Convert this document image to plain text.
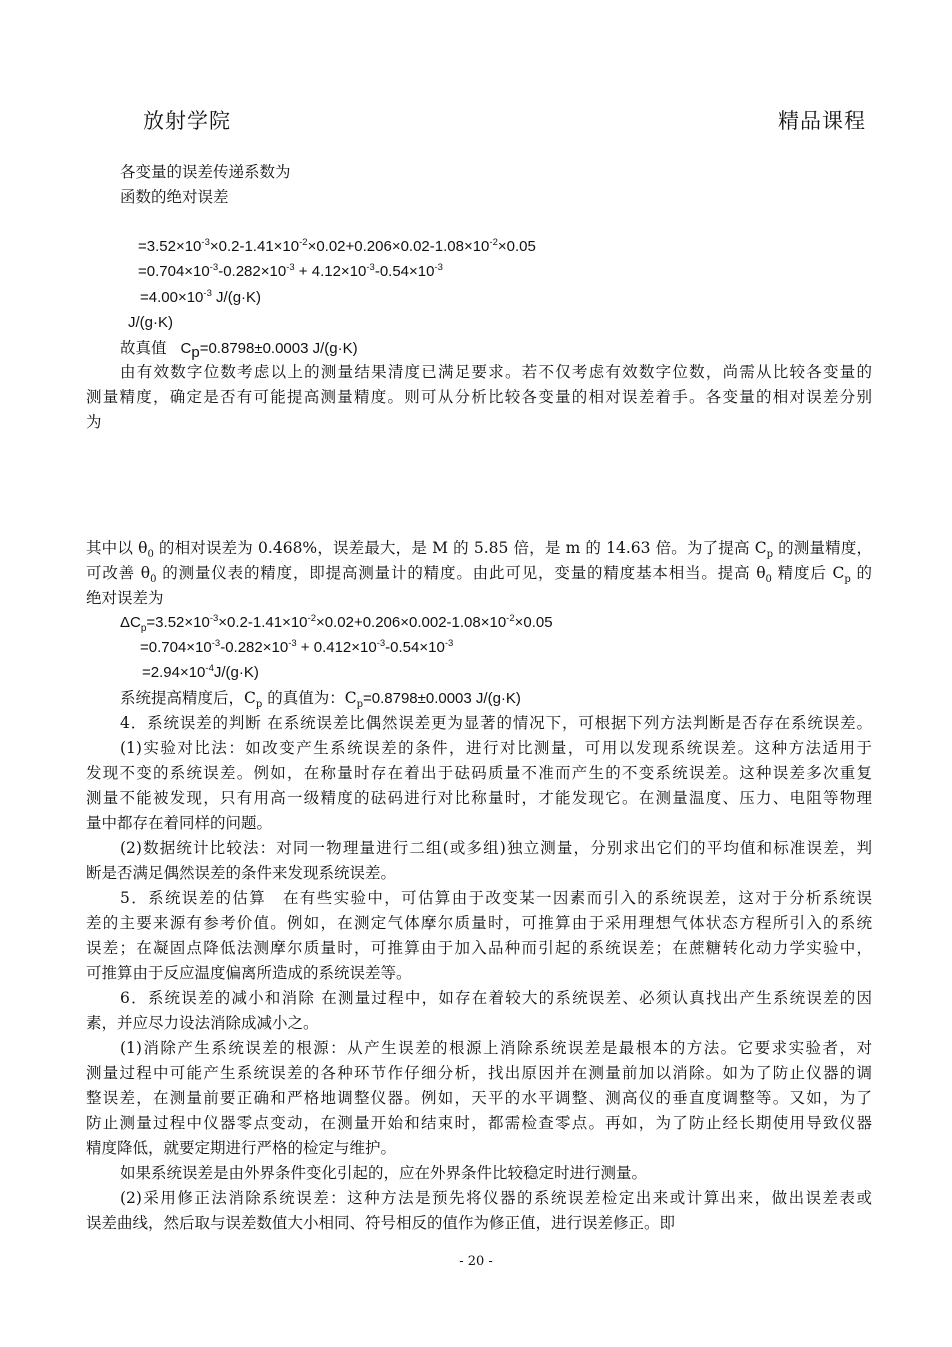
放射学院	精品课程
各变量的误差传递系数为
函数的绝对误差
$=3.52\times 10^{-3}\times 0.2-1.41\times 10^{-2}\times 0.02+0.206\times 0.02-1.08\times 10^{-2}\times 0.05$
$=0.704\times 10^{-3}-0.282\times 10^{-3} + 4.12\times 10^{-3}-0.54\times 10^{-3}$
$=4.00\times 10^{-3}$ J/(g·K)
J/(g·K)
故真值 $C_p=0.8798\pm 0.0003$ J/(g·K)
由有效数字位数考虑以上的测量结果清度已满足要求。若不仅考虑有效数字位数，尚需从比较各变量的
测量精度，确定是否有可能提高测量精度。则可从分析比较各变量的相对误差着手。各变量的相对误差分别
为
其中以 $\theta_0$ 的相对误差为 0.468%，误差最大，是 M 的 5.85 倍，是 m 的 14.63 倍。为了提高 $C_p$ 的测量精度，
可改善 $\theta_0$ 的测量仪表的精度，即提高测量计的精度。由此可见，变量的精度基本相当。提高 $\theta_0$ 精度后 $C_p$ 的
绝对误差为
$\Delta C_p=3.52\times 10^{-3}\times 0.2-1.41\times 10^{-2}\times 0.02+0.206\times 0.002-1.08\times 10^{-2}\times 0.05$
$=0.704\times 10^{-3}-0.282\times 10^{-3} + 0.412\times 10^{-3}-0.54\times 10^{-3}$
$=2.94\times 10^{-4}J/(g\cdot K)$
系统提高精度后，$C_p$ 的真值为：$C_p=0.8798\pm 0.0003$ J/(g·K)
4．系统误差的判断 在系统误差比偶然误差更为显著的情况下，可根据下列方法判断是否存在系统误差。
(1)实验对比法：如改变产生系统误差的条件，进行对比测量，可用以发现系统误差。这种方法适用于
发现不变的系统误差。例如，在称量时存在着出于砝码质量不准而产生的不变系统误差。这种误差多次重复
测量不能被发现，只有用高一级精度的砝码进行对比称量时，才能发现它。在测量温度、压力、电阻等物理
量中都存在着同样的问题。
(2)数据统计比较法：对同一物理量进行二组(或多组)独立测量，分别求出它们的平均值和标准误差，判
断是否满足偶然误差的条件来发现系统误差。
5．系统误差的估算　在有些实验中，可估算由于改变某一因素而引入的系统误差，这对于分析系统误
差的主要来源有参考价值。例如，在测定气体摩尔质量时，可推算由于采用理想气体状态方程所引入的系统
误差；在凝固点降低法测摩尔质量时，可推算由于加入品种而引起的系统误差；在蔗糖转化动力学实验中，
可推算由于反应温度偏离所造成的系统误差等。
6．系统误差的减小和消除 在测量过程中，如存在着较大的系统误差、必须认真找出产生系统误差的因
素，并应尽力设法消除成减小之。
(1)消除产生系统误差的根源：从产生误差的根源上消除系统误差是最根本的方法。它要求实验者，对
测量过程中可能产生系统误差的各种环节作仔细分析，找出原因并在测量前加以消除。如为了防止仪器的调
整误差，在测量前要正确和严格地调整仪器。例如，天平的水平调整、测高仪的垂直度调整等。又如，为了
防止测量过程中仪器零点变动，在测量开始和结束时，都需检查零点。再如，为了防止经长期使用导致仪器
精度降低，就要定期进行严格的检定与维护。
如果系统误差是由外界条件变化引起的，应在外界条件比较稳定时进行测量。
(2)采用修正法消除系统误差：这种方法是预先将仪器的系统误差检定出来或计算出来，做出误差表或
误差曲线，然后取与误差数值大小相同、符号相反的值作为修正值，进行误差修正。即
- 20 -
